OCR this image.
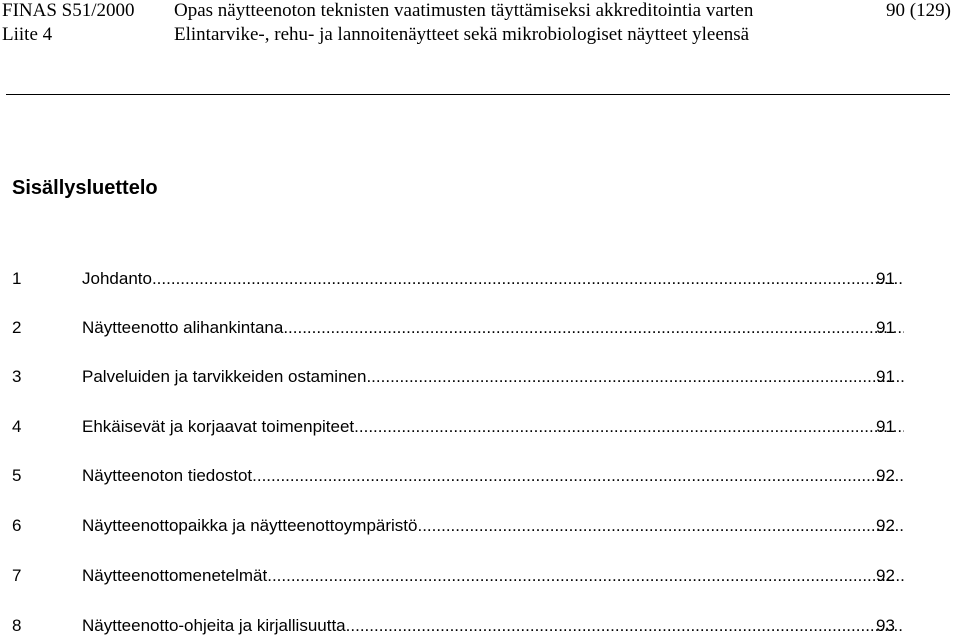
FINAS S51/2000 Opas näytteenoton teknisten vaatimusten täyttämiseksi akkreditointia varten
Liite 4	Elintarvike-, rehu- ja lannoitenäytteet sekä mikrobiologiset näytteet yleensä
90 (129)
Sisällysluettelo
1	Johdanto .....	91
2	Näytteenotto alihankintana .....	91
3	Palveluiden ja tarvikkeiden ostaminen .....	91
4	Ehkäisevät ja korjaavat toimenpiteet .....	91
5	Näytteenoton tiedostot .....	92
6	Näytteenottopaikka ja näytteenottoympäristö .....	92
7	Näytteenottomenetelmät .....	92
8	Näytteenotto-ohjeita ja kirjallisuutta .....	93
